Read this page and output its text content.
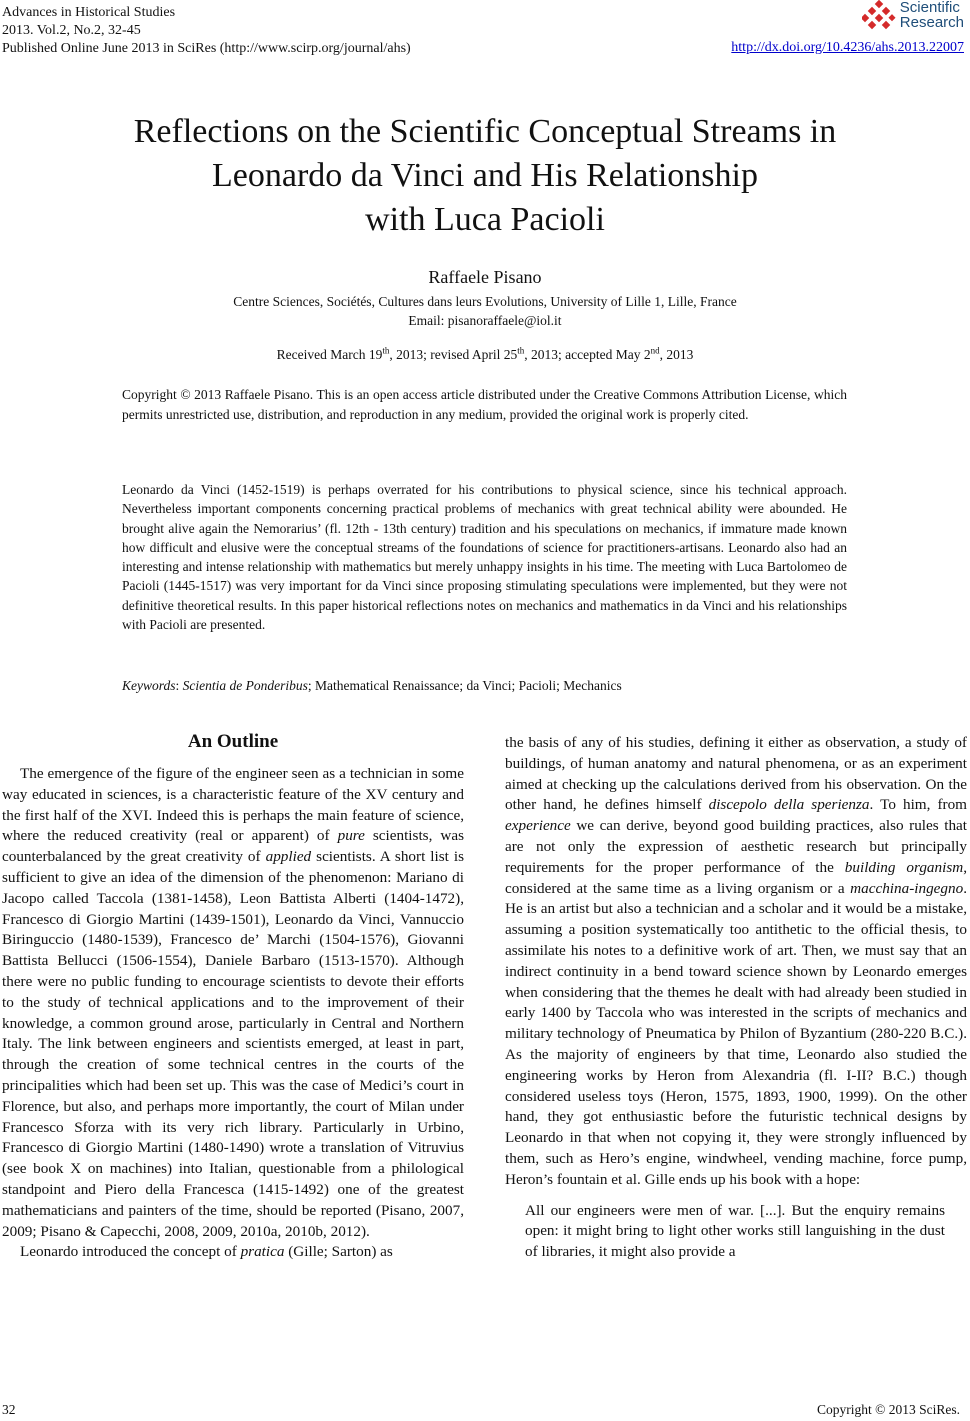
Advances in Historical Studies
2013. Vol.2, No.2, 32-45
Published Online June 2013 in SciRes (http://www.scirp.org/journal/ahs)
Scientific
Research
http://dx.doi.org/10.4236/ahs.2013.22007
Reflections on the Scientific Conceptual Streams in
Leonardo da Vinci and His Relationship
with Luca Pacioli
Raffaele Pisano
Centre Sciences, Sociétés, Cultures dans leurs Evolutions, University of Lille 1, Lille, France
Email: pisanoraffaele@iol.it
Received March 19th, 2013; revised April 25th, 2013; accepted May 2nd, 2013
Copyright © 2013 Raffaele Pisano. This is an open access article distributed under the Creative Commons Attribution License, which permits unrestricted use, distribution, and reproduction in any medium, provided the original work is properly cited.
Leonardo da Vinci (1452-1519) is perhaps overrated for his contributions to physical science, since his technical approach. Nevertheless important components concerning practical problems of mechanics with great technical ability were abounded. He brought alive again the Nemorarius’ (fl. 12th - 13th century) tradition and his speculations on mechanics, if immature made known how difficult and elusive were the conceptual streams of the foundations of science for practitioners-artisans. Leonardo also had an interesting and intense relationship with mathematics but merely unhappy insights in his time. The meeting with Luca Bartolomeo de Pacioli (1445-1517) was very important for da Vinci since proposing stimulating speculations were implemented, but they were not definitive theoretical results. In this paper historical reflections notes on mechanics and mathematics in da Vinci and his relationships with Pacioli are presented.
Keywords: Scientia de Ponderibus; Mathematical Renaissance; da Vinci; Pacioli; Mechanics
An Outline

The emergence of the figure of the engineer seen as a technician in some way educated in sciences, is a characteristic feature of the XV century and the first half of the XVI. Indeed this is perhaps the main feature of science, where the reduced creativity (real or apparent) of pure scientists, was counterbalanced by the great creativity of applied scientists. A short list is sufficient to give an idea of the dimension of the phenomenon: Mariano di Jacopo called Taccola (1381-1458), Leon Battista Alberti (1404-1472), Francesco di Giorgio Martini (1439-1501), Leonardo da Vinci, Vannuccio Biringuccio (1480-1539), Francesco de’ Marchi (1504-1576), Giovanni Battista Bellucci (1506-1554), Daniele Barbaro (1513-1570). Although there were no public funding to encourage scientists to devote their efforts to the study of technical applications and to the improvement of their knowledge, a common ground arose, particularly in Central and Northern Italy. The link between engineers and scientists emerged, at least in part, through the creation of some technical centres in the courts of the principalities which had been set up. This was the case of Medici’s court in Florence, but also, and perhaps more importantly, the court of Milan under Francesco Sforza with its very rich library. Particularly in Urbino, Francesco di Giorgio Martini (1480-1490) wrote a translation of Vitruvius (see book X on machines) into Italian, questionable from a philological standpoint and Piero della Francesca (1415-1492) one of the greatest mathematicians and painters of the time, should be reported (Pisano, 2007, 2009; Pisano & Capecchi, 2008, 2009, 2010a, 2010b, 2012).

Leonardo introduced the concept of pratica (Gille; Sarton) as

the basis of any of his studies, defining it either as observation, a study of buildings, of human anatomy and natural phenomena, or as an experiment aimed at checking up the calculations derived from his observation. On the other hand, he defines himself discepolo della sperienza. To him, from experience we can derive, beyond good building practices, also rules that are not only the expression of aesthetic research but principally requirements for the proper performance of the building organism, considered at the same time as a living organism or a macchina-ingegno. He is an artist but also a technician and a scholar and it would be a mistake, assuming a position systematically too antithetic to the official thesis, to assimilate his notes to a definitive work of art. Then, we must say that an indirect continuity in a bend toward science shown by Leonardo emerges when considering that the themes he dealt with had already been studied in early 1400 by Taccola who was interested in the scripts of mechanics and military technology of Pneumatica by Philon of Byzantium (280-220 B.C.). As the majority of engineers by that time, Leonardo also studied the engineering works by Heron from Alexandria (fl. I-II? B.C.) though considered useless toys (Heron, 1575, 1893, 1900, 1999). On the other hand, they got enthusiastic before the futuristic technical designs by Leonardo in that when not copying it, they were strongly influenced by them, such as Hero’s engine, windwheel, vending machine, force pump, Heron’s fountain et al. Gille ends up his book with a hope:

All our engineers were men of war. [...]. But the enquiry remains open: it might bring to light other works still languishing in the dust of libraries, it might also provide a

32	Copyright © 2013 SciRes.
